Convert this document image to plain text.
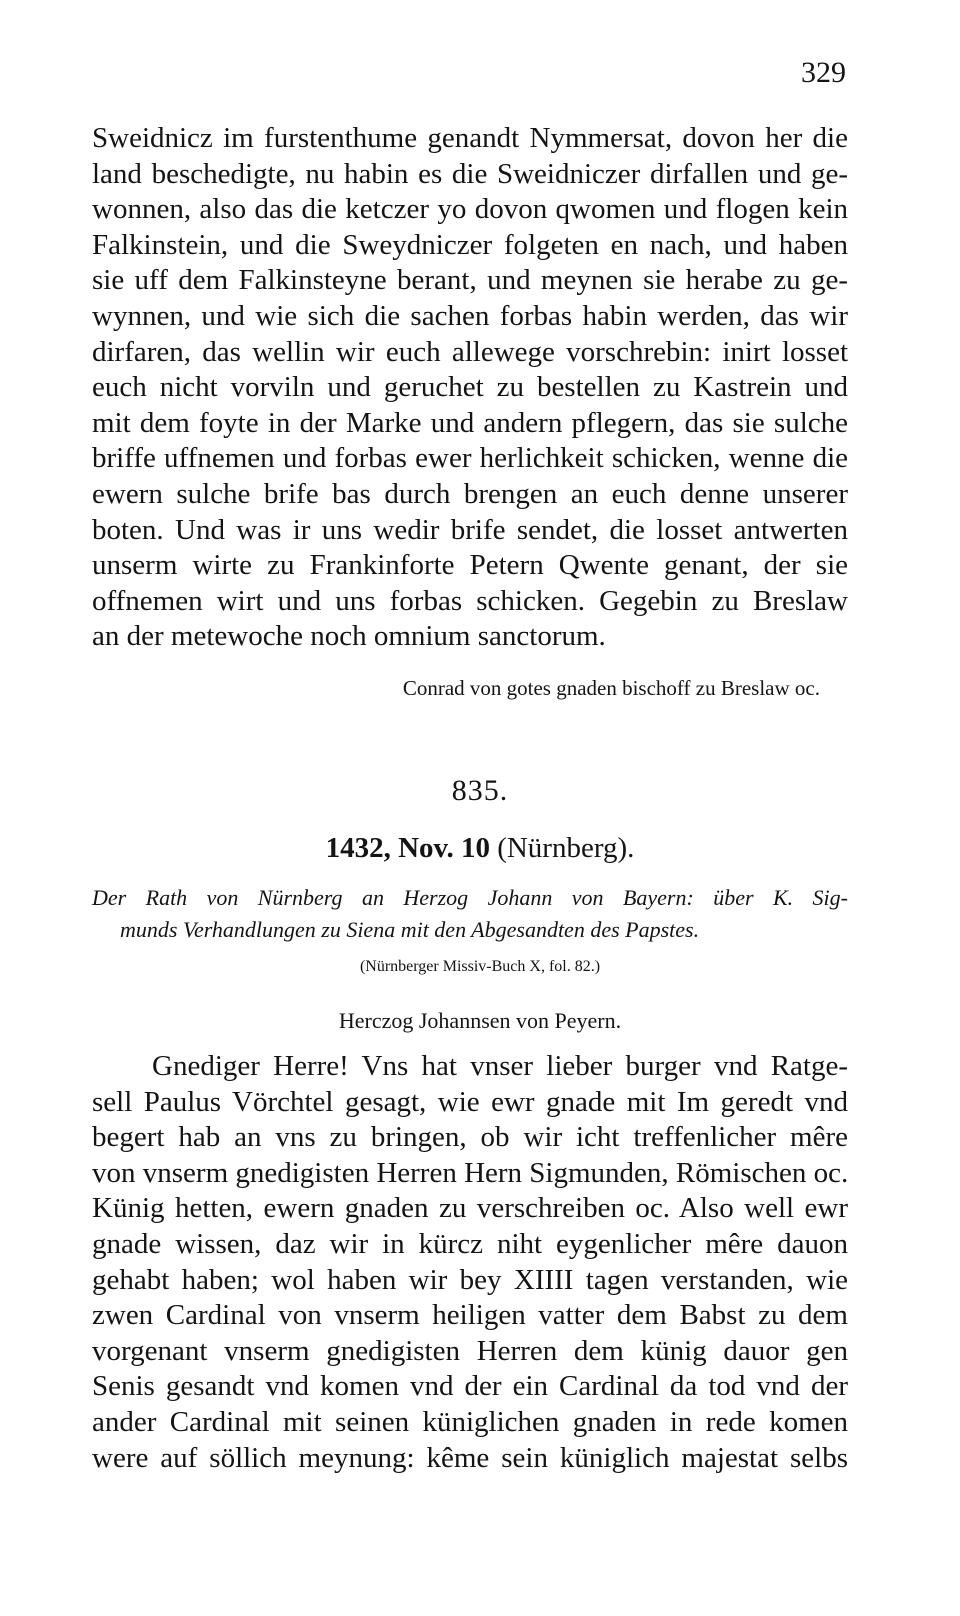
329
Sweidnicz im furstenthume genandt Nymmersat, dovon her die
land beschedigte, nu habin es die Sweidniczer dirfallen und ge-
wonnen, also das die ketczer yo dovon qwomen und flogen kein
Falkinstein, und die Sweydniczer folgeten en nach, und haben
sie uff dem Falkinsteyne berant, und meynen sie herabe zu ge-
wynnen, und wie sich die sachen forbas habin werden, das wir
dirfaren, das wellin wir euch allewege vorschrebin: inirt losset
euch nicht vorviln und geruchet zu bestellen zu Kastrein und
mit dem foyte in der Marke und andern pflegern, das sie sulche
briffe uffnemen und forbas ewer herlichkeit schicken, wenne die
ewern sulche brife bas durch brengen an euch denne unserer
boten. Und was ir uns wedir brife sendet, die losset antwerten
unserm wirte zu Frankinforte Petern Qwente genant, der sie
offnemen wirt und uns forbas schicken. Gegebin zu Breslaw
an der metewoche noch omnium sanctorum.
Conrad von gotes gnaden bischoff zu Breslaw oc.
835.
1432, Nov. 10 (Nürnberg).
Der Rath von Nürnberg an Herzog Johann von Bayern: über K. Sig-
munds Verhandlungen zu Siena mit den Abgesandten des Papstes.
(Nürnberger Missiv-Buch X, fol. 82.)
Herczog Johannsen von Peyern.
Gnediger Herre! Vns hat vnser lieber burger vnd Ratge-
sell Paulus Vörchtel gesagt, wie ewr gnade mit Im geredt vnd
begert hab an vns zu bringen, ob wir icht treffenlicher mêre
von vnserm gnedigisten Herren Hern Sigmunden, Römischen oc.
Künig hetten, ewern gnaden zu verschreiben oc. Also well ewr
gnade wissen, daz wir in kürcz niht eygenlicher mêre dauon
gehabt haben; wol haben wir bey XIIII tagen verstanden, wie
zwen Cardinal von vnserm heiligen vatter dem Babst zu dem
vorgenant vnserm gnedigisten Herren dem künig dauor gen
Senis gesandt vnd komen vnd der ein Cardinal da tod vnd der
ander Cardinal mit seinen küniglichen gnaden in rede komen
were auf söllich meynung: kême sein küniglich majestat selbs
